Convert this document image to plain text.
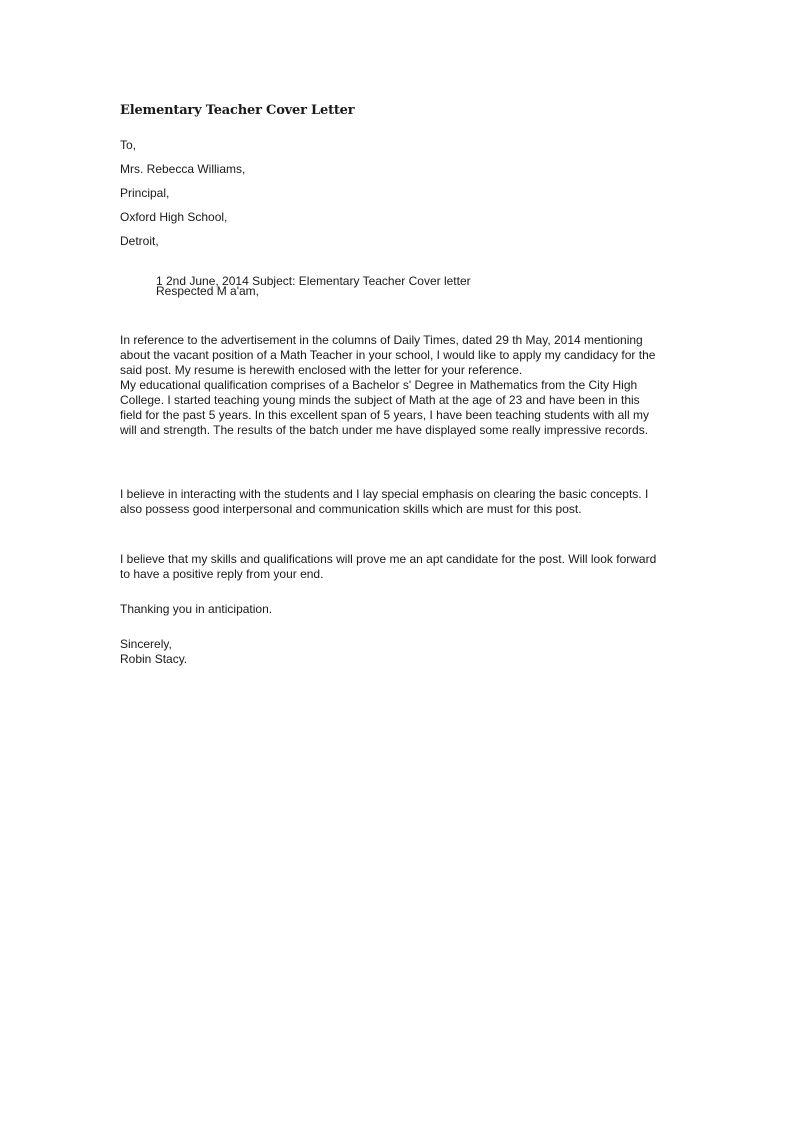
Elementary Teacher Cover Letter
To,
Mrs. Rebecca Williams,
Principal,
Oxford High School,
Detroit,
1 2nd June, 2014 Subject: Elementary Teacher Cover letter
Respected M a'am,

In reference to the advertisement in the columns of Daily Times, dated 29 th May, 2014 mentioning about the vacant position of a Math Teacher in your school, I would like to apply my candidacy for the said post. My resume is herewith enclosed with the letter for your reference.

My educational qualification comprises of a Bachelor s' Degree in Mathematics from the City High College. I started teaching young minds the subject of Math at the age of 23 and have been in this field for the past 5 years. In this excellent span of 5 years, I have been teaching students with all my will and strength. The results of the batch under me have displayed some really impressive records.

I believe in interacting with the students and I lay special emphasis on clearing the basic concepts. I also possess good interpersonal and communication skills which are must for this post.
I believe that my skills and qualifications will prove me an apt candidate for the post. Will look forward to have a positive reply from your end.
Thanking you in anticipation.
Sincerely,
Robin Stacy.
